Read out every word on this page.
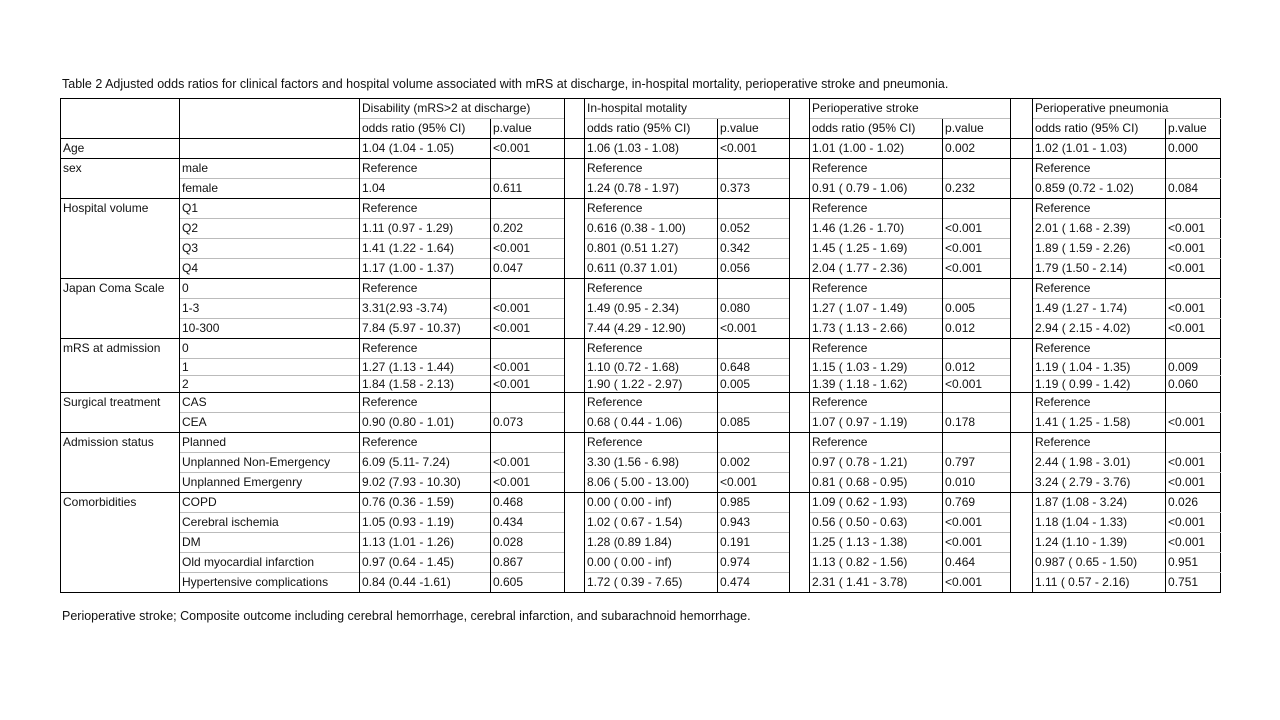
Table 2 Adjusted odds ratios for clinical factors and hospital volume associated with mRS at discharge, in-hospital mortality, perioperative stroke and pneumonia.
		Disability (mRS>2 at discharge)			In-hospital motality			Perioperative stroke			Perioperative pneumonia	
		odds ratio (95% CI)	p.value		odds ratio (95% CI)	p.value		odds ratio (95% CI)	p.value		odds ratio (95% CI)	p.value
Age		1.04 (1.04 - 1.05)	<0.001		1.06 (1.03 - 1.08)	<0.001		1.01 (1.00 - 1.02)	0.002		1.02 (1.01 - 1.03)	0.000
sex	male	Reference			Reference			Reference			Reference	
	female	1.04	0.611		1.24 (0.78 - 1.97)	0.373		0.91 ( 0.79 - 1.06)	0.232		0.859 (0.72 - 1.02)	0.084
Hospital volume	Q1	Reference			Reference			Reference			Reference	
	Q2	1.11 (0.97 - 1.29)	0.202		0.616 (0.38 - 1.00)	0.052		1.46 (1.26 - 1.70)	<0.001		2.01 ( 1.68 - 2.39)	<0.001
	Q3	1.41 (1.22 - 1.64)	<0.001		0.801 (0.51 1.27)	0.342		1.45 ( 1.25 - 1.69)	<0.001		1.89 ( 1.59 - 2.26)	<0.001
	Q4	1.17 (1.00 - 1.37)	0.047		0.611 (0.37 1.01)	0.056		2.04 ( 1.77 - 2.36)	<0.001		1.79 (1.50 - 2.14)	<0.001
Japan Coma Scale	0	Reference			Reference			Reference			Reference	
	1-3	3.31(2.93 -3.74)	<0.001		1.49 (0.95 - 2.34)	0.080		1.27 ( 1.07 - 1.49)	0.005		1.49 (1.27 - 1.74)	<0.001
	10-300	7.84 (5.97 - 10.37)	<0.001		7.44 (4.29 - 12.90)	<0.001		1.73 ( 1.13 - 2.66)	0.012		2.94 ( 2.15 - 4.02)	<0.001
mRS at admission	0	Reference			Reference			Reference			Reference	
	1	1.27 (1.13 - 1.44)	<0.001		1.10 (0.72 - 1.68)	0.648		1.15 ( 1.03 - 1.29)	0.012		1.19 ( 1.04 - 1.35)	0.009
	2	1.84 (1.58 - 2.13)	<0.001		1.90 ( 1.22 - 2.97)	0.005		1.39 ( 1.18 - 1.62)	<0.001		1.19 ( 0.99 - 1.42)	0.060
Surgical treatment	CAS	Reference			Reference			Reference			Reference	
	CEA	0.90 (0.80 - 1.01)	0.073		0.68 ( 0.44 - 1.06)	0.085		1.07 ( 0.97 - 1.19)	0.178		1.41 ( 1.25 - 1.58)	<0.001
Admission status	Planned	Reference			Reference			Reference			Reference	
	Unplanned Non-Emergency	6.09 (5.11- 7.24)	<0.001		3.30 (1.56 - 6.98)	0.002		0.97 ( 0.78 - 1.21)	0.797		2.44 ( 1.98 - 3.01)	<0.001
	Unplanned Emergenry	9.02 (7.93 - 10.30)	<0.001		8.06 ( 5.00 - 13.00)	<0.001		0.81 ( 0.68 - 0.95)	0.010		3.24 ( 2.79 - 3.76)	<0.001
Comorbidities	COPD	0.76 (0.36 - 1.59)	0.468		0.00 ( 0.00 - inf)	0.985		1.09 ( 0.62 - 1.93)	0.769		1.87 (1.08 - 3.24)	0.026
	Cerebral ischemia	1.05 (0.93 - 1.19)	0.434		1.02 ( 0.67 - 1.54)	0.943		0.56 ( 0.50 - 0.63)	<0.001		1.18 (1.04 - 1.33)	<0.001
	DM	1.13 (1.01 - 1.26)	0.028		1.28 (0.89 1.84)	0.191		1.25 ( 1.13 - 1.38)	<0.001		1.24 (1.10 - 1.39)	<0.001
	Old myocardial infarction	0.97 (0.64 - 1.45)	0.867		0.00 ( 0.00 - inf)	0.974		1.13 ( 0.82 - 1.56)	0.464		0.987 ( 0.65 - 1.50)	0.951
	Hypertensive complications	0.84 (0.44 -1.61)	0.605		1.72 ( 0.39 - 7.65)	0.474		2.31 ( 1.41 - 3.78)	<0.001		1.11 ( 0.57 - 2.16)	0.751
Perioperative stroke; Composite outcome including cerebral hemorrhage, cerebral infarction, and subarachnoid hemorrhage.
